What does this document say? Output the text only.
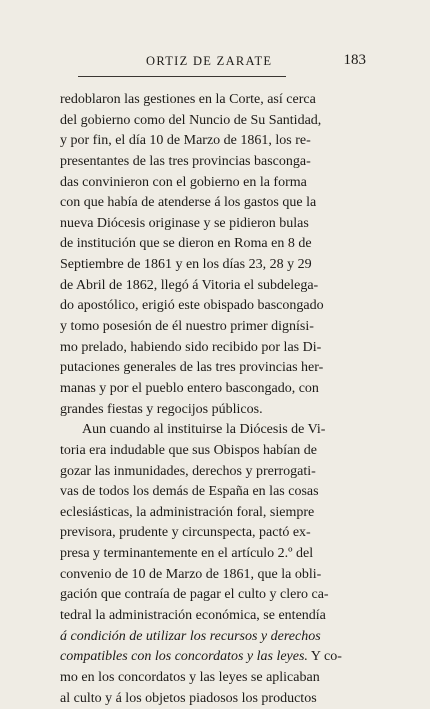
ORTIZ DE ZARATE	183
redoblaron las gestiones en la Corte, así cerca
del gobierno como del Nuncio de Su Santidad,
y por fin, el día 10 de Marzo de 1861, los re-
presentantes de las tres provincias basconga-
das convinieron con el gobierno en la forma
con que había de atenderse á los gastos que la
nueva Diócesis originase y se pidieron bulas
de institución que se dieron en Roma en 8 de
Septiembre de 1861 y en los días 23, 28 y 29
de Abril de 1862, llegó á Vitoria el subdelega-
do apostólico, erigió este obispado bascongado
y tomo posesión de él nuestro primer dignísi-
mo prelado, habiendo sido recibido por las Di-
putaciones generales de las tres provincias her-
manas y por el pueblo entero bascongado, con
grandes fiestas y regocijos públicos.
Aun cuando al instituirse la Diócesis de Vi-
toria era indudable que sus Obispos habían de
gozar las inmunidades, derechos y prerrogati-
vas de todos los demás de España en las cosas
eclesiásticas, la administración foral, siempre
previsora, prudente y circunspecta, pactó ex-
presa y terminantemente en el artículo 2.º del
convenio de 10 de Marzo de 1861, que la obli-
gación que contraía de pagar el culto y clero ca-
tedral la administración económica, se entendía
á condición de utilizar los recursos y derechos
compatibles con los concordatos y las leyes. Y co-
mo en los concordatos y las leyes se aplicaban
al culto y á los objetos piadosos los productos
